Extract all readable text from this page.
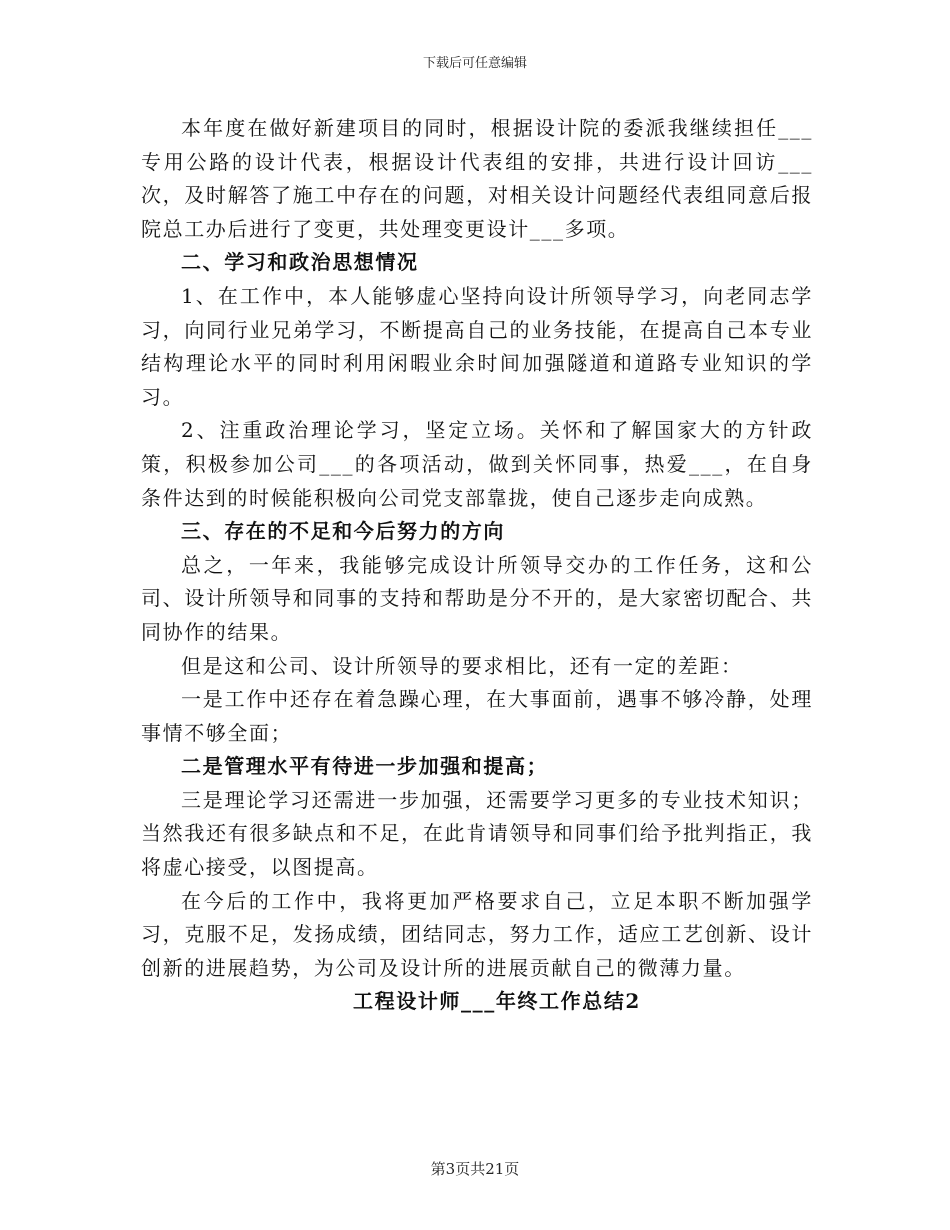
下载后可任意编辑

本年度在做好新建项目的同时，根据设计院的委派我继续担任___专用公路的设计代表，根据设计代表组的安排，共进行设计回访___次，及时解答了施工中存在的问题，对相关设计问题经代表组同意后报院总工办后进行了变更，共处理变更设计___多项。

二、学习和政治思想情况

1、在工作中，本人能够虚心坚持向设计所领导学习，向老同志学习，向同行业兄弟学习，不断提高自己的业务技能，在提高自己本专业结构理论水平的同时利用闲暇业余时间加强隧道和道路专业知识的学习。

2、注重政治理论学习，坚定立场。关怀和了解国家大的方针政策，积极参加公司___的各项活动，做到关怀同事，热爱___，在自身条件达到的时候能积极向公司党支部靠拢，使自己逐步走向成熟。

三、存在的不足和今后努力的方向

总之，一年来，我能够完成设计所领导交办的工作任务，这和公司、设计所领导和同事的支持和帮助是分不开的，是大家密切配合、共同协作的结果。

但是这和公司、设计所领导的要求相比，还有一定的差距：

一是工作中还存在着急躁心理，在大事面前，遇事不够冷静，处理事情不够全面；

二是管理水平有待进一步加强和提高；

三是理论学习还需进一步加强，还需要学习更多的专业技术知识；当然我还有很多缺点和不足，在此肯请领导和同事们给予批判指正，我将虚心接受，以图提高。

在今后的工作中，我将更加严格要求自己，立足本职不断加强学习，克服不足，发扬成绩，团结同志，努力工作，适应工艺创新、设计创新的进展趋势，为公司及设计所的进展贡献自己的微薄力量。

工程设计师___年终工作总结2

第3页共21页
